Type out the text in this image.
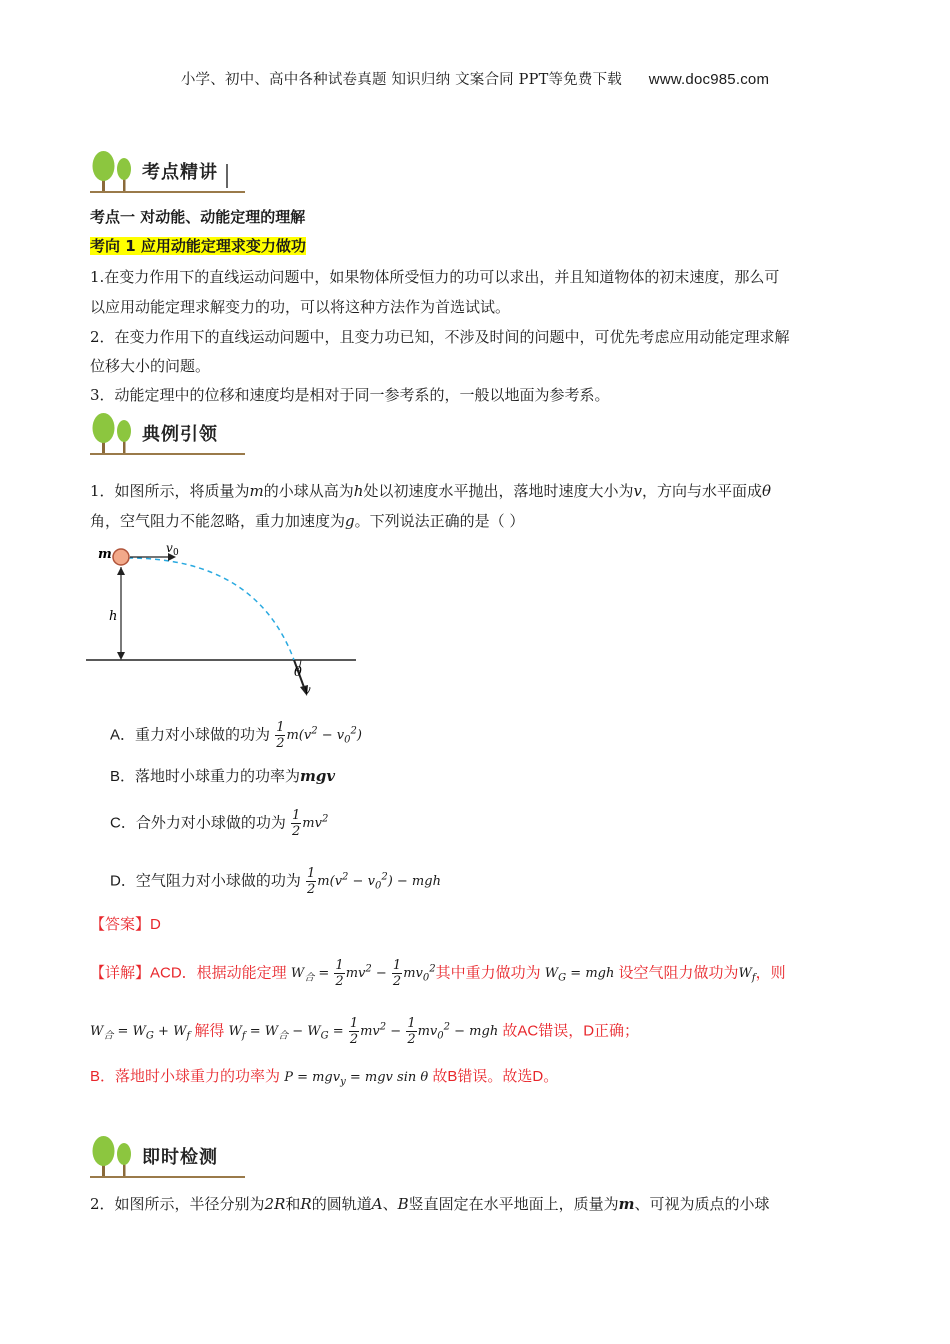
小学、初中、高中各种试卷真题 知识归纳 文案合同 PPT等免费下载 www.doc985.com
考点精讲
考点一 对动能、动能定理的理解
考向 1 应用动能定理求变力做功
1.在变力作用下的直线运动问题中，如果物体所受恒力的功可以求出，并且知道物体的初末速度，那么可
以应用动能定理求解变力的功，可以将这种方法作为首选试试。
2．在变力作用下的直线运动问题中，且变力功已知，不涉及时间的问题中，可优先考虑应用动能定理求解
位移大小的问题。
3．动能定理中的位移和速度均是相对于同一参考系的，一般以地面为参考系。
典例引领
1．如图所示，将质量为m的小球从高为h处以初速度水平抛出，落地时速度大小为v，方向与水平面成θ
角，空气阻力不能忽略，重力加速度为g。下列说法正确的是（ ）
m	v 0
h
θ
v
A．重力对小球做的功为 $\frac{1}{2} m(v^2 - v_0^2)$
B．落地时小球重力的功率为mgv
C．合外力对小球做的功为 $\frac{1}{2} mv^2$
D．空气阻力对小球做的功为 $\frac{1}{2} m(v^2 - v_0^2)$ − mgh
【答案】D
【详解】ACD．根据动能定理 $W_合 = \frac{1}{2} mv^2 - \frac{1}{2} mv_0^2$其中重力做功为 $W_G$ = mgh 设空气阻力做功为$W_f$，则
$W_合 = W_G + W_f$ 解得 $W_f = W_合 - W_G = \frac{1}{2} mv^2 - \frac{1}{2} mv_0^2$ − mgh 故AC错误，D正确；
B．落地时小球重力的功率为 P = mgv$_y$ = mgv sin θ 故B错误。故选D。
即时检测
2．如图所示，半径分别为2R和R的圆轨道A、B竖直固定在水平地面上，质量为m、可视为质点的小球
